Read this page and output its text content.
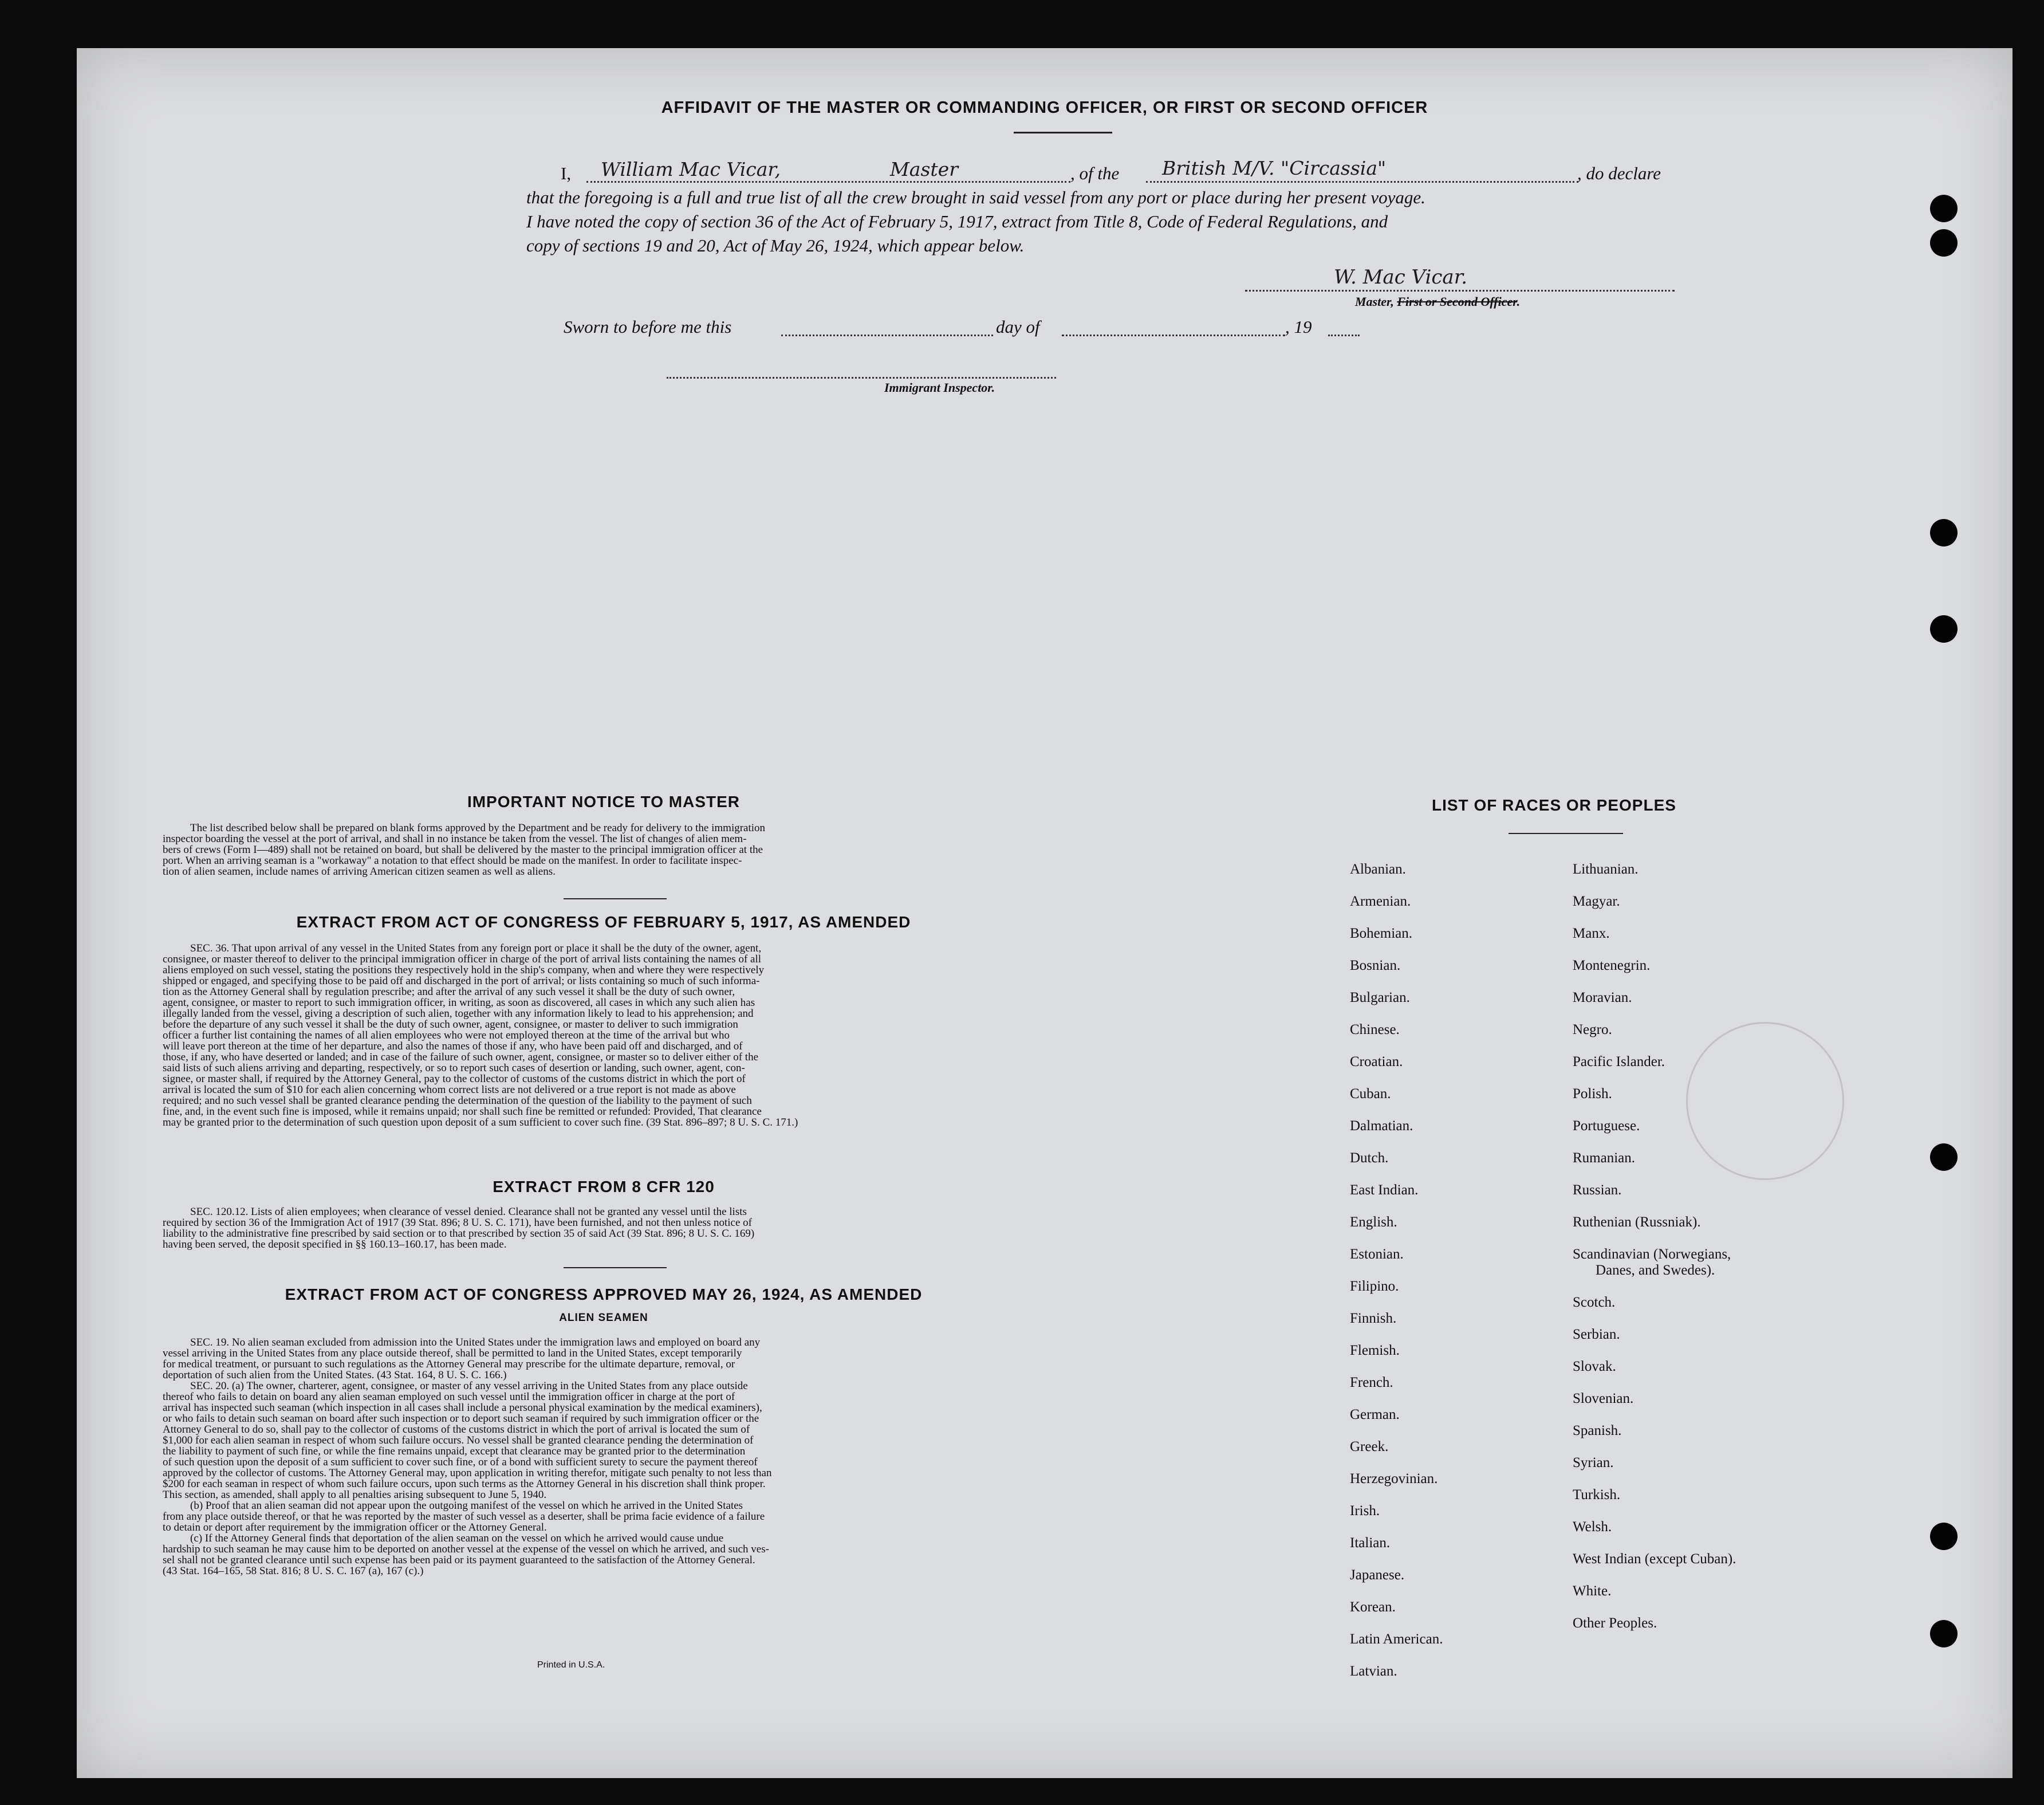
AFFIDAVIT OF THE MASTER OR COMMANDING OFFICER, OR FIRST OR SECOND OFFICER
I, William Mac Vicar,	Master	, of the British M/V. "Circassia"	, do declare
that the foregoing is a full and true list of all the crew brought in said vessel from any port or place during her present voyage.
I have noted the copy of section 36 of the Act of February 5, 1917, extract from Title 8, Code of Federal Regulations, and
copy of sections 19 and 20, Act of May 26, 1924, which appear below.
W. Mac Vicar.
Master, First or Second Officer.
Sworn to before me this	day of	, 19
Immigrant Inspector.
IMPORTANT NOTICE TO MASTER
The list described below shall be prepared on blank forms approved by the Department and be ready for delivery to the immigration
inspector boarding the vessel at the port of arrival, and shall in no instance be taken from the vessel. The list of changes of alien mem-
bers of crews (Form I—489) shall not be retained on board, but shall be delivered by the master to the principal immigration officer at the
port. When an arriving seaman is a "workaway" a notation to that effect should be made on the manifest. In order to facilitate inspec-
tion of alien seamen, include names of arriving American citizen seamen as well as aliens.
EXTRACT FROM ACT OF CONGRESS OF FEBRUARY 5, 1917, AS AMENDED
SEC. 36. That upon arrival of any vessel in the United States from any foreign port or place it shall be the duty of the owner, agent,
consignee, or master thereof to deliver to the principal immigration officer in charge of the port of arrival lists containing the names of all
aliens employed on such vessel, stating the positions they respectively hold in the ship's company, when and where they were respectively
shipped or engaged, and specifying those to be paid off and discharged in the port of arrival; or lists containing so much of such informa-
tion as the Attorney General shall by regulation prescribe; and after the arrival of any such vessel it shall be the duty of such owner,
agent, consignee, or master to report to such immigration officer, in writing, as soon as discovered, all cases in which any such alien has
illegally landed from the vessel, giving a description of such alien, together with any information likely to lead to his apprehension; and
before the departure of any such vessel it shall be the duty of such owner, agent, consignee, or master to deliver to such immigration
officer a further list containing the names of all alien employees who were not employed thereon at the time of the arrival but who
will leave port thereon at the time of her departure, and also the names of those if any, who have been paid off and discharged, and of
those, if any, who have deserted or landed; and in case of the failure of such owner, agent, consignee, or master so to deliver either of the
said lists of such aliens arriving and departing, respectively, or so to report such cases of desertion or landing, such owner, agent, con-
signee, or master shall, if required by the Attorney General, pay to the collector of customs of the customs district in which the port of
arrival is located the sum of $10 for each alien concerning whom correct lists are not delivered or a true report is not made as above
required; and no such vessel shall be granted clearance pending the determination of the question of the liability to the payment of such
fine, and, in the event such fine is imposed, while it remains unpaid; nor shall such fine be remitted or refunded: Provided, That clearance
may be granted prior to the determination of such question upon deposit of a sum sufficient to cover such fine. (39 Stat. 896–897; 8 U. S. C. 171.)
EXTRACT FROM 8 CFR 120
SEC. 120.12. Lists of alien employees; when clearance of vessel denied. Clearance shall not be granted any vessel until the lists
required by section 36 of the Immigration Act of 1917 (39 Stat. 896; 8 U. S. C. 171), have been furnished, and not then unless notice of
liability to the administrative fine prescribed by said section or to that prescribed by section 35 of said Act (39 Stat. 896; 8 U. S. C. 169)
having been served, the deposit specified in §§ 160.13–160.17, has been made.
EXTRACT FROM ACT OF CONGRESS APPROVED MAY 26, 1924, AS AMENDED
ALIEN SEAMEN
SEC. 19. No alien seaman excluded from admission into the United States under the immigration laws and employed on board any
vessel arriving in the United States from any place outside thereof, shall be permitted to land in the United States, except temporarily
for medical treatment, or pursuant to such regulations as the Attorney General may prescribe for the ultimate departure, removal, or
deportation of such alien from the United States. (43 Stat. 164, 8 U. S. C. 166.)
SEC. 20. (a) The owner, charterer, agent, consignee, or master of any vessel arriving in the United States from any place outside
thereof who fails to detain on board any alien seaman employed on such vessel until the immigration officer in charge at the port of
arrival has inspected such seaman (which inspection in all cases shall include a personal physical examination by the medical examiners),
or who fails to detain such seaman on board after such inspection or to deport such seaman if required by such immigration officer or the
Attorney General to do so, shall pay to the collector of customs of the customs district in which the port of arrival is located the sum of
$1,000 for each alien seaman in respect of whom such failure occurs. No vessel shall be granted clearance pending the determination of
the liability to payment of such fine, or while the fine remains unpaid, except that clearance may be granted prior to the determination
of such question upon the deposit of a sum sufficient to cover such fine, or of a bond with sufficient surety to secure the payment thereof
approved by the collector of customs. The Attorney General may, upon application in writing therefor, mitigate such penalty to not less than
$200 for each seaman in respect of whom such failure occurs, upon such terms as the Attorney General in his discretion shall think proper.
This section, as amended, shall apply to all penalties arising subsequent to June 5, 1940.
(b) Proof that an alien seaman did not appear upon the outgoing manifest of the vessel on which he arrived in the United States
from any place outside thereof, or that he was reported by the master of such vessel as a deserter, shall be prima facie evidence of a failure
to detain or deport after requirement by the immigration officer or the Attorney General.
(c) If the Attorney General finds that deportation of the alien seaman on the vessel on which he arrived would cause undue
hardship to such seaman he may cause him to be deported on another vessel at the expense of the vessel on which he arrived, and such ves-
sel shall not be granted clearance until such expense has been paid or its payment guaranteed to the satisfaction of the Attorney General.
(43 Stat. 164–165, 58 Stat. 816; 8 U. S. C. 167 (a), 167 (c).)
Printed in U.S.A.
LIST OF RACES OR PEOPLES
Albanian.
Armenian.
Bohemian.
Bosnian.
Bulgarian.
Chinese.
Croatian.
Cuban.
Dalmatian.
Dutch.
East Indian.
English.
Estonian.
Filipino.
Finnish.
Flemish.
French.
German.
Greek.
Herzegovinian.
Irish.
Italian.
Japanese.
Korean.
Latin American.
Latvian.
Lithuanian.
Magyar.
Manx.
Montenegrin.
Moravian.
Negro.
Pacific Islander.
Polish.
Portuguese.
Rumanian.
Russian.
Ruthenian (Russniak).
Scandinavian (Norwegians,
Danes, and Swedes).
Scotch.
Serbian.
Slovak.
Slovenian.
Spanish.
Syrian.
Turkish.
Welsh.
West Indian (except Cuban).
White.
Other Peoples.
